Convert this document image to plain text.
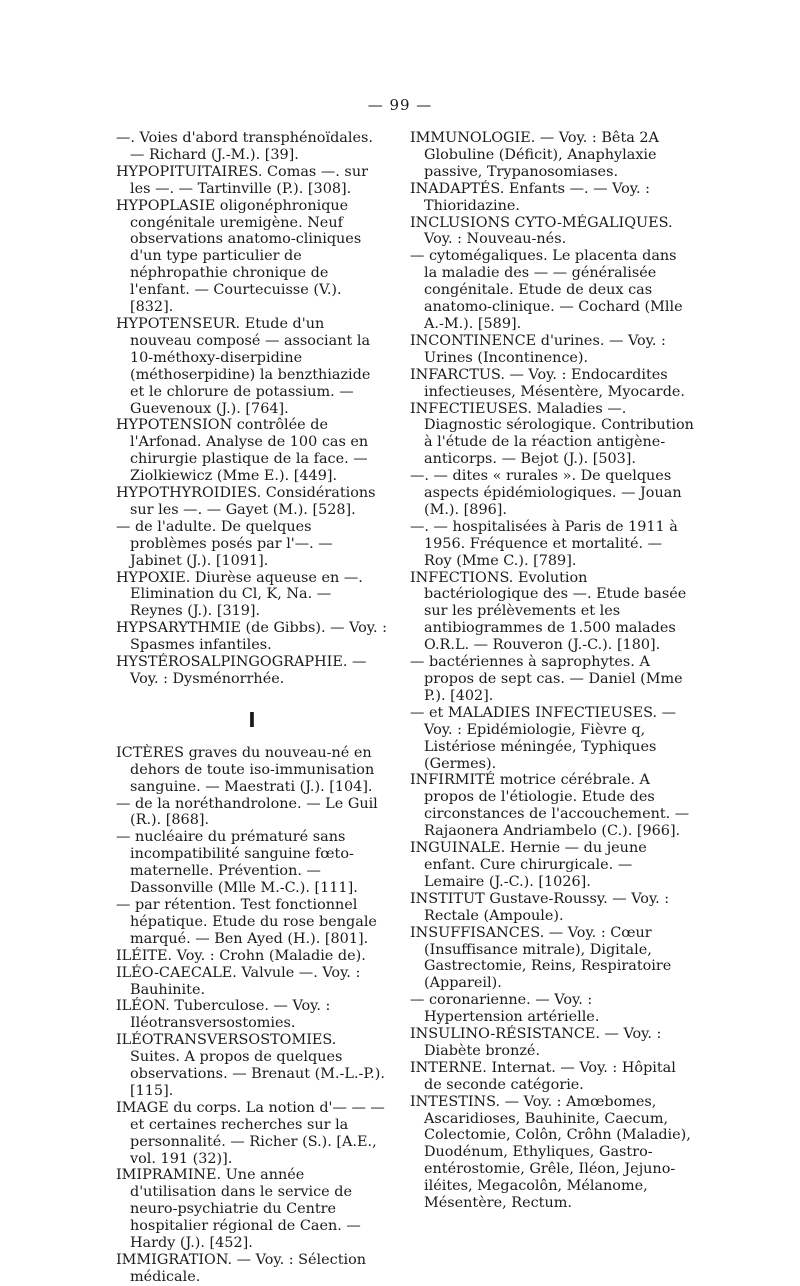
— 99 —

—. Voies d'abord transphénoïdales. — Richard (J.-M.). [39].

HYPOPITUITAIRES. Comas —. sur les —. — Tartinville (P.). [308].

HYPOPLASIE oligonéphronique congénitale uremigène. Neuf observations anatomo-cliniques d'un type particulier de néphropathie chronique de l'enfant. — Courtecuisse (V.). [832].

HYPOTENSEUR. Etude d'un nouveau composé — associant la 10-méthoxy-diserpidine (méthoserpidine) la benzthiazide et le chlorure de potassium. — Guevenoux (J.). [764].

HYPOTENSION contrôlée de l'Arfonad. Analyse de 100 cas en chirurgie plastique de la face. — Ziolkiewicz (Mme E.). [449].

HYPOTHYROIDIES. Considérations sur les —. — Gayet (M.). [528].

— de l'adulte. De quelques problèmes posés par l'—. — Jabinet (J.). [1091].

HYPOXIE. Diurèse aqueuse en —. Elimination du Cl, K, Na. — Reynes (J.). [319].

HYPSARYTHMIE (de Gibbs). — Voy. : Spasmes infantiles.

HYSTÉROSALPINGOGRAPHIE. — Voy. : Dysménorrhée.

I

ICTÈRES graves du nouveau-né en dehors de toute iso-immunisation sanguine. — Maestrati (J.). [104].

— de la noréthandrolone. — Le Guil (R.). [868].

— nucléaire du prématuré sans incompatibilité sanguine fœto-maternelle. Prévention. — Dassonville (Mlle M.-C.). [111].

— par rétention. Test fonctionnel hépatique. Etude du rose bengale marqué. — Ben Ayed (H.). [801].

ILÉITE. Voy. : Crohn (Maladie de).

ILÉO-CAECALE. Valvule —. Voy. : Bauhinite.

ILÉON. Tuberculose. — Voy. : Iléotransversostomies.

ILÉOTRANSVERSOSTOMIES. Suites. A propos de quelques observations. — Brenaut (M.-L.-P.). [115].

IMAGE du corps. La notion d'— — — et certaines recherches sur la personnalité. — Richer (S.). [A.E., vol. 191 (32)].

IMIPRAMINE. Une année d'utilisation dans le service de neuro-psychiatrie du Centre hospitalier régional de Caen. — Hardy (J.). [452].

IMMIGRATION. — Voy. : Sélection médicale.

IMMUNOLOGIE. — Voy. : Bêta 2A Globuline (Déficit), Anaphylaxie passive, Trypanosomiases.

INADAPTÉS. Enfants —. — Voy. : Thioridazine.

INCLUSIONS CYTO-MÉGALIQUES. Voy. : Nouveau-nés.

— cytomégaliques. Le placenta dans la maladie des — — généralisée congénitale. Etude de deux cas anatomo-clinique. — Cochard (Mlle A.-M.). [589].

INCONTINENCE d'urines. — Voy. : Urines (Incontinence).

INFARCTUS. — Voy. : Endocardites infectieuses, Mésentère, Myocarde.

INFECTIEUSES. Maladies —. Diagnostic sérologique. Contribution à l'étude de la réaction antigène-anticorps. — Bejot (J.). [503].

—. — dites « rurales ». De quelques aspects épidémiologiques. — Jouan (M.). [896].

—. — hospitalisées à Paris de 1911 à 1956. Fréquence et mortalité. — Roy (Mme C.). [789].

INFECTIONS. Evolution bactériologique des —. Etude basée sur les prélèvements et les antibiogrammes de 1.500 malades O.R.L. — Rouveron (J.-C.). [180].

— bactériennes à saprophytes. A propos de sept cas. — Daniel (Mme P.). [402].

— et MALADIES INFECTIEUSES. — Voy. : Epidémiologie, Fièvre q, Listériose méningée, Typhiques (Germes).

INFIRMITÉ motrice cérébrale. A propos de l'étiologie. Etude des circonstances de l'accouchement. — Rajaonera Andriambelo (C.). [966].

INGUINALE. Hernie — du jeune enfant. Cure chirurgicale. — Lemaire (J.-C.). [1026].

INSTITUT Gustave-Roussy. — Voy. : Rectale (Ampoule).

INSUFFISANCES. — Voy. : Cœur (Insuffisance mitrale), Digitale, Gastrectomie, Reins, Respiratoire (Appareil).

— coronarienne. — Voy. : Hypertension artérielle.

INSULINO-RÉSISTANCE. — Voy. : Diabète bronzé.

INTERNE. Internat. — Voy. : Hôpital de seconde catégorie.

INTESTINS. — Voy. : Amœbomes, Ascaridioses, Bauhinite, Caecum, Colectomie, Colôn, Crôhn (Maladie), Duodénum, Ethyliques, Gastro-entérostomie, Grêle, Iléon, Jejuno-iléites, Megacolôn, Mélanome, Mésentère, Rectum.
